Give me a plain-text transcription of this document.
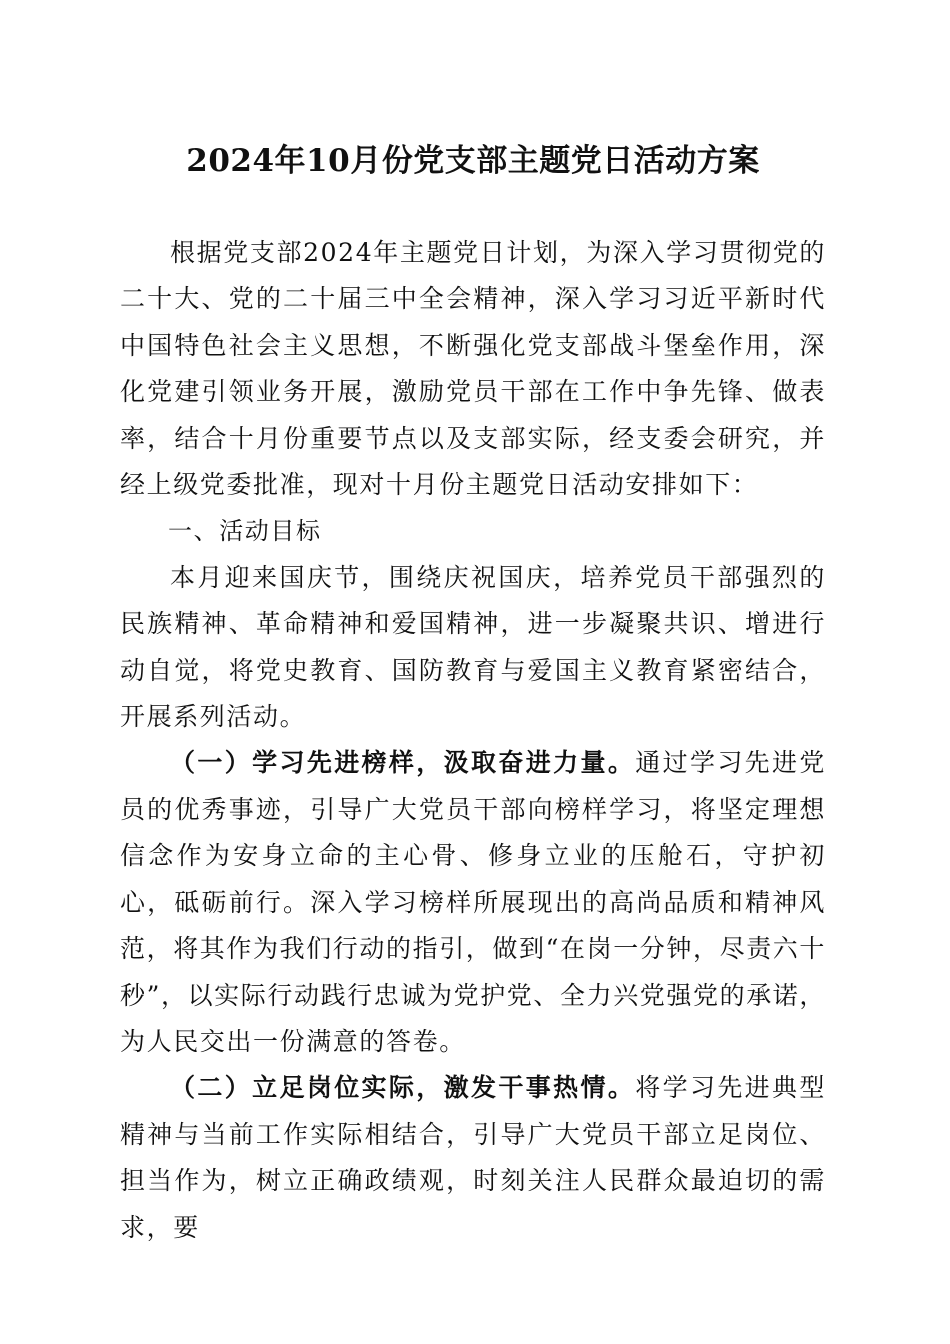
2024年10月份党支部主题党日活动方案

根据党支部2024年主题党日计划，为深入学习贯彻党的二十大、党的二十届三中全会精神，深入学习习近平新时代中国特色社会主义思想，不断强化党支部战斗堡垒作用，深化党建引领业务开展，激励党员干部在工作中争先锋、做表率，结合十月份重要节点以及支部实际，经支委会研究，并经上级党委批准，现对十月份主题党日活动安排如下：

一、活动目标

本月迎来国庆节，围绕庆祝国庆，培养党员干部强烈的民族精神、革命精神和爱国精神，进一步凝聚共识、增进行动自觉，将党史教育、国防教育与爱国主义教育紧密结合，开展系列活动。

（一）学习先进榜样，汲取奋进力量。通过学习先进党员的优秀事迹，引导广大党员干部向榜样学习，将坚定理想信念作为安身立命的主心骨、修身立业的压舱石，守护初心，砥砺前行。深入学习榜样所展现出的高尚品质和精神风范，将其作为我们行动的指引，做到“在岗一分钟，尽责六十秒”，以实际行动践行忠诚为党护党、全力兴党强党的承诺，为人民交出一份满意的答卷。

（二）立足岗位实际，激发干事热情。将学习先进典型精神与当前工作实际相结合，引导广大党员干部立足岗位、担当作为，树立正确政绩观，时刻关注人民群众最迫切的需求，要
